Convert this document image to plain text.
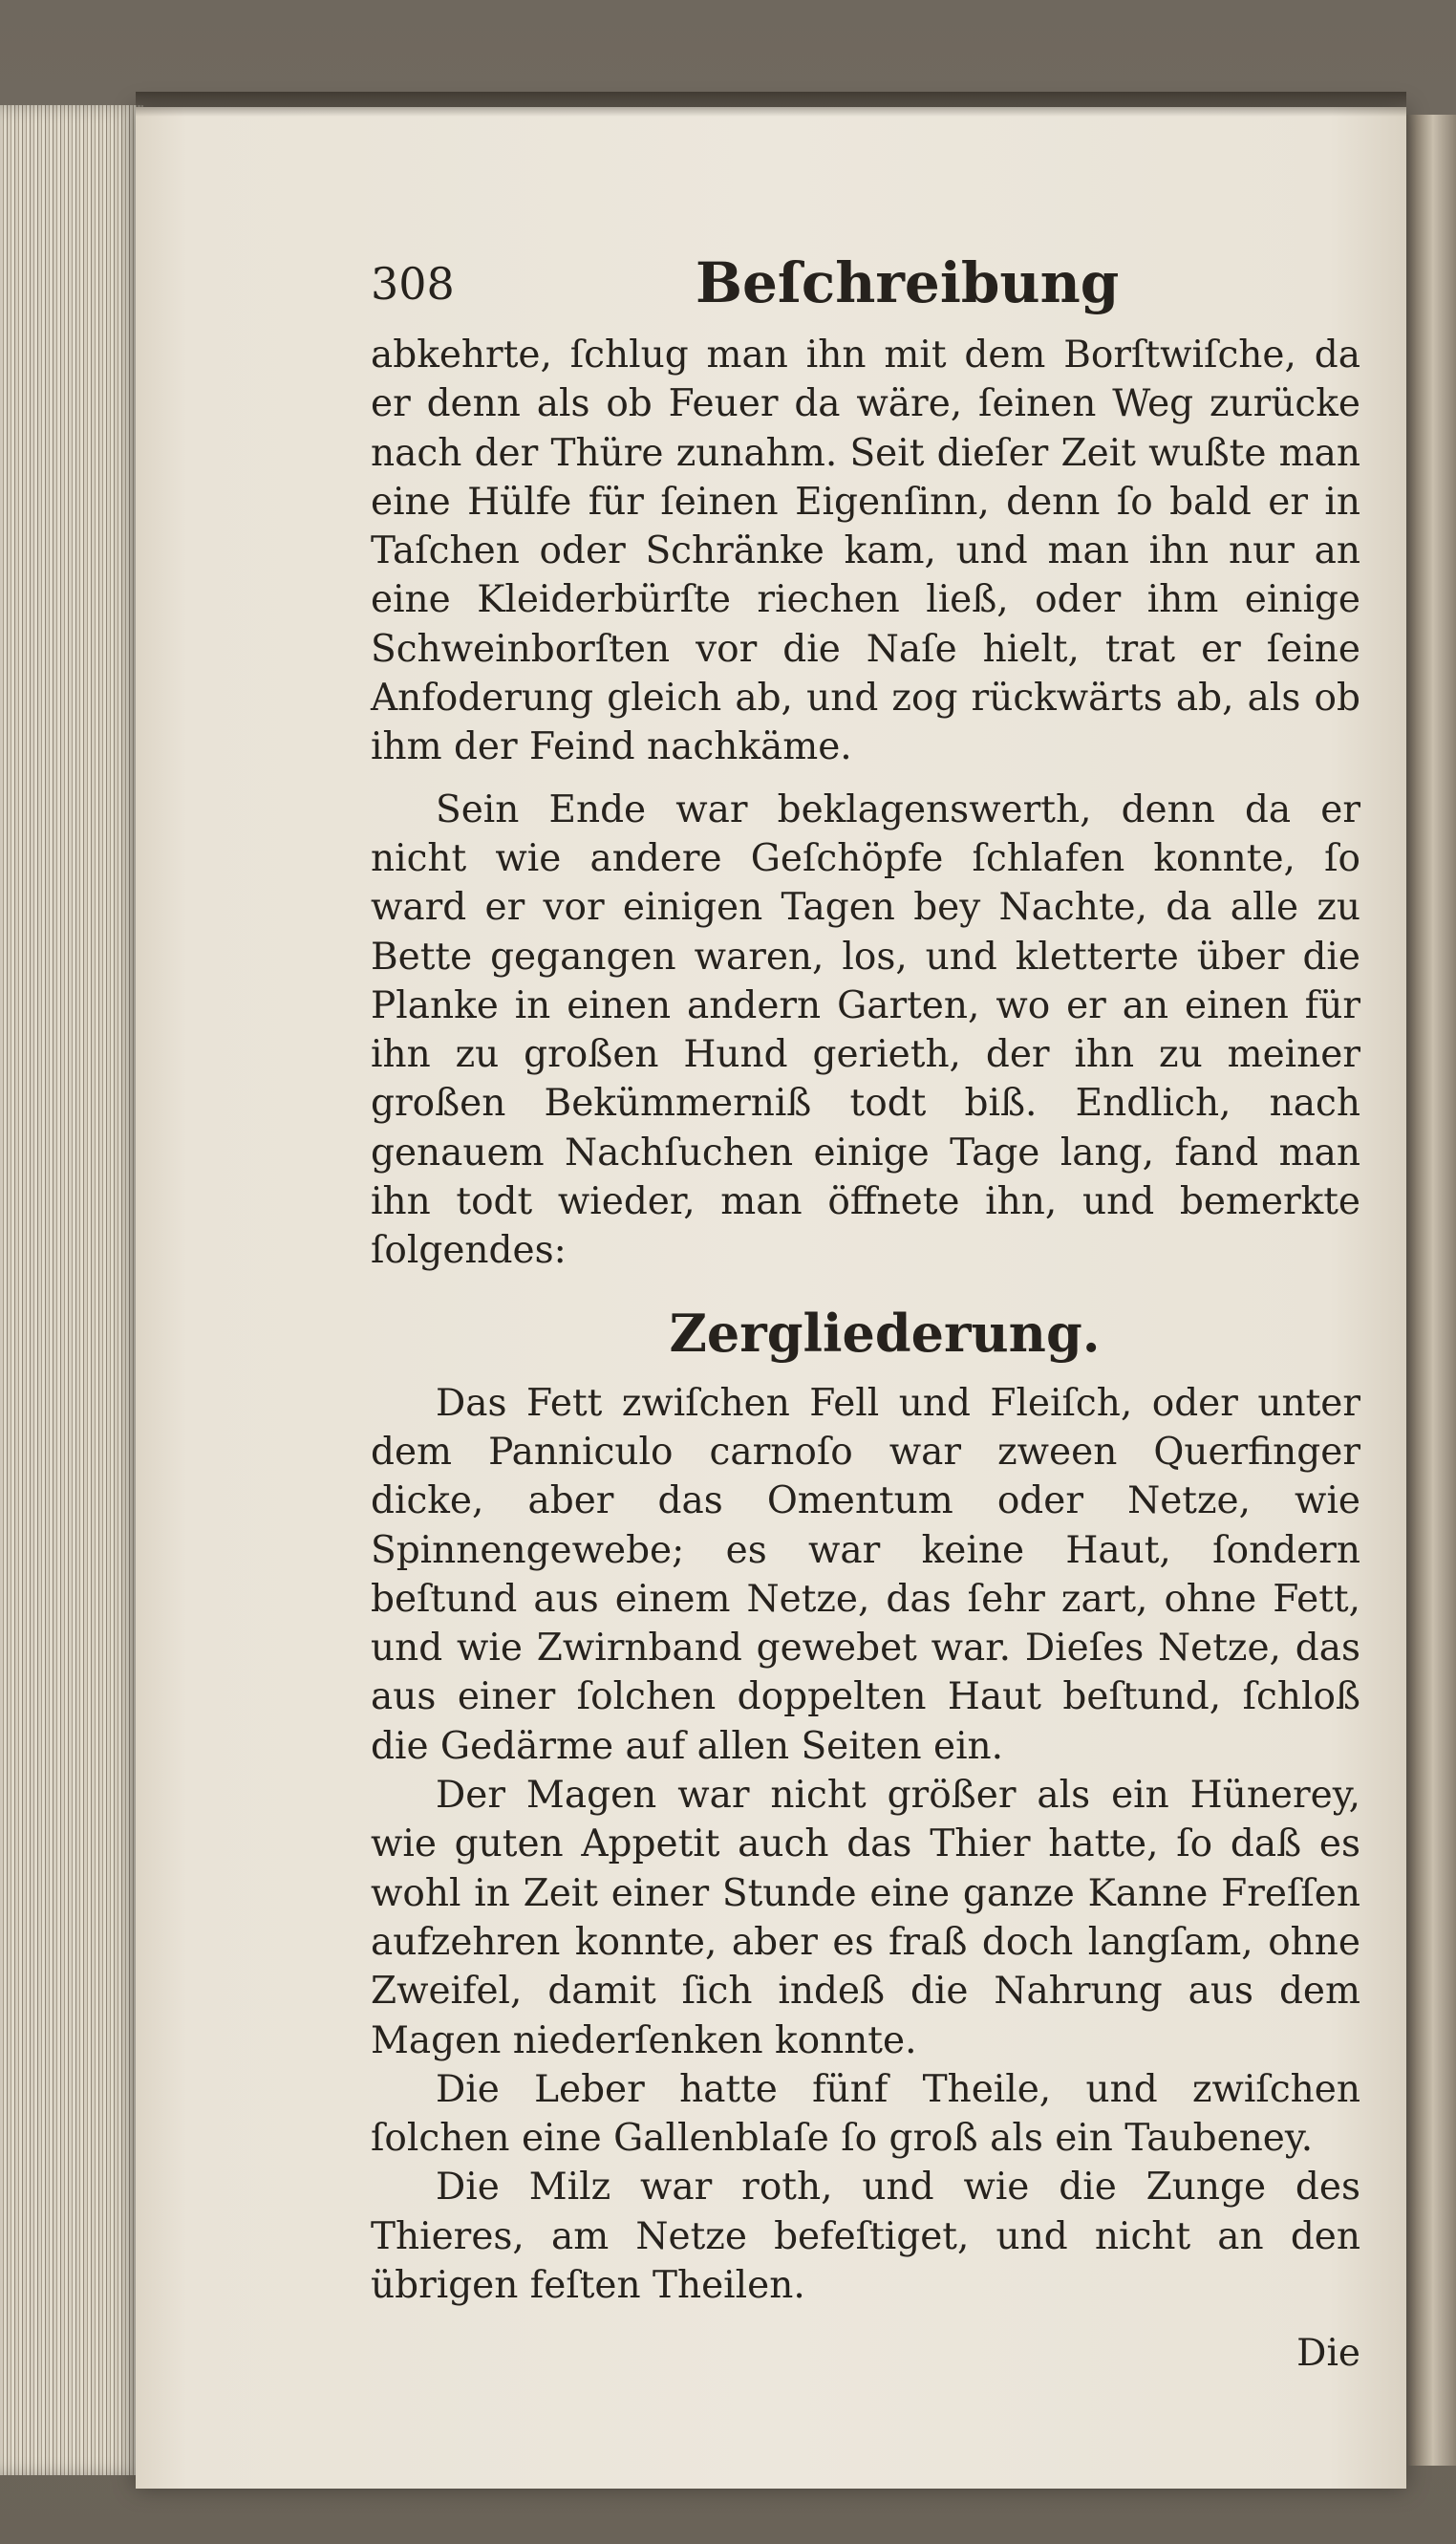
308	Beſchreibung

abkehrte, ſchlug man ihn mit dem Borſtwiſche, da er denn als ob Feuer da wäre, ſeinen Weg zurücke nach der Thüre zunahm. Seit dieſer Zeit wußte man eine Hülfe für ſeinen Eigenſinn, denn ſo bald er in Taſchen oder Schränke kam, und man ihn nur an eine Kleiderbürſte riechen ließ, oder ihm einige Schweinborſten vor die Naſe hielt, trat er ſeine Anfoderung gleich ab, und zog rückwärts ab, als ob ihm der Feind nachkäme.

Sein Ende war beklagenswerth, denn da er nicht wie andere Geſchöpfe ſchlafen konnte, ſo ward er vor einigen Tagen bey Nachte, da alle zu Bette gegangen waren, los, und kletterte über die Planke in einen andern Garten, wo er an einen für ihn zu großen Hund gerieth, der ihn zu meiner großen Bekümmerniß todt biß. Endlich, nach genauem Nachſuchen einige Tage lang, fand man ihn todt wieder, man öffnete ihn, und bemerkte ſolgendes:

Zergliederung.

Das Fett zwiſchen Fell und Fleiſch, oder unter dem Panniculo carnoſo war zween Querfinger dicke, aber das Omentum oder Netze, wie Spinnengewebe; es war keine Haut, ſondern beſtund aus einem Netze, das ſehr zart, ohne Fett, und wie Zwirnband gewebet war. Dieſes Netze, das aus einer ſolchen doppelten Haut beſtund, ſchloß die Gedärme auf allen Seiten ein.

Der Magen war nicht größer als ein Hünerey, wie guten Appetit auch das Thier hatte, ſo daß es wohl in Zeit einer Stunde eine ganze Kanne Freſſen aufzehren konnte, aber es fraß doch langſam, ohne Zweifel, damit ſich indeß die Nahrung aus dem Magen niederſenken konnte.

Die Leber hatte fünf Theile, und zwiſchen ſolchen eine Gallenblaſe ſo groß als ein Taubeney.

Die Milz war roth, und wie die Zunge des Thieres, am Netze befeſtiget, und nicht an den übrigen feſten Theilen.

Die
